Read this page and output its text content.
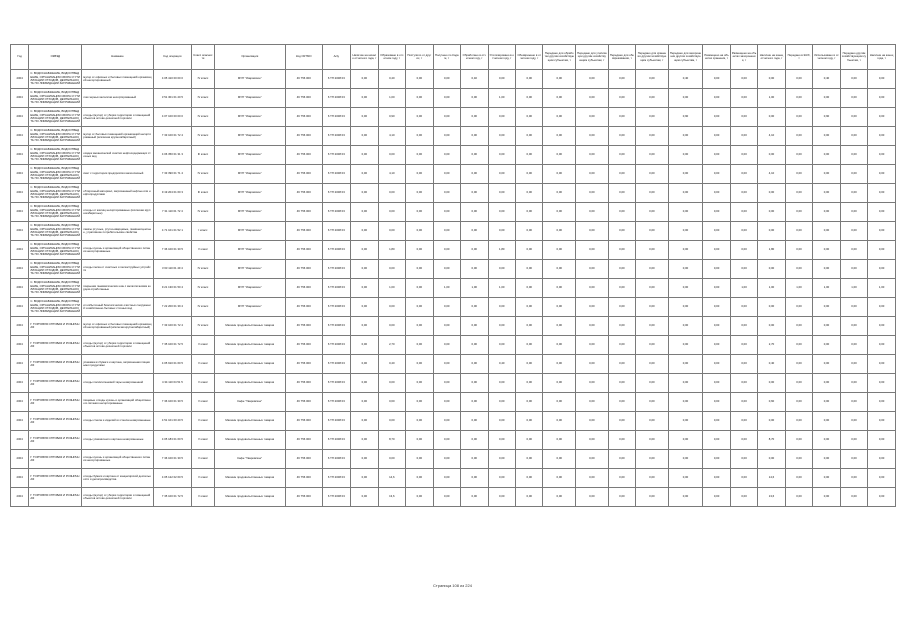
Год	ОКВЭД	Название	Код операции	Класс опасности	Организация	Код ОКТМО	Acty	Наличие на начало отчетного года, т	Образовано в отчетном году, т	Поступило от других, т	Получено по Кодам, т	Обработано в отчетном году, т	Утилизировано в отчетном году, т	Обезврежено в отчетном году, т	Передано для обработки другим хозяйствующим субъектам, т	Передано для утилизации другим хозяйствующим субъектам, т	Передано для обезвреживания, т	Передано для хранения другим хозяйствующим субъектам, т	Передано для захоронения другим хозяйствующим субъектам, т	Размещено на объектах хранения, т	Размещено на объектах захоронения, т	Наличие на конец отчетного года, т	Передано в ЖКХ, т	Использовано в отчетном году, т	Передано другим хозяйствующим субъектам, т	Наличие на конец года, т
2004	С. ВОДОСНАБЖЕНИЕ, ВОДООТВЕДЕНИЕ, ОРГАНИЗАЦИЯ СБОРА И УТИЛИЗАЦИИ ОТХОДОВ, ДЕЯТЕЛЬНОСТЬ ПО ЛИКВИДАЦИИ ЗАГРЯЗНЕНИЙ	мусор от офисных и бытовых помещений организаций несортированный	4 05 410 00 00 0	IV класс	МУП "Уваровское"	46 756 000	6 ТП 2008 03	0,00	0,40	0,00	0,00	0,40	0,00	0,00	0,00	0,00	0,00	0,00	0,40	0,00	0,00	0,00	0,00	0,40	0,00	0,00
2004	С. ВОДОСНАБЖЕНИЕ, ВОДООТВЕДЕНИЕ, ОРГАНИЗАЦИЯ СБОРА И УТИЛИЗАЦИИ ОТХОДОВ, ДЕЯТЕЛЬНОСТЬ ПО ЛИКВИДАЦИИ ЗАГРЯЗНЕНИЙ	лом черных металлов несортированный	3 51 301 01 20 5	IV класс	МУП "Уваровское"	46 756 000	6 ТП 2008 03	0,00	1,00	0,00	0,00	0,00	1,00	0,00	0,00	0,00	0,00	0,00	0,00	0,00	0,00	1,00	0,00	0,00	0,00	0,00
2004	С. ВОДОСНАБЖЕНИЕ, ВОДООТВЕДЕНИЕ, ОРГАНИЗАЦИЯ СБОРА И УТИЛИЗАЦИИ ОТХОДОВ, ДЕЯТЕЛЬНОСТЬ ПО ЛИКВИДАЦИИ ЗАГРЯЗНЕНИЙ	отходы (мусор) от уборки территории и помещений объектов оптово-розничной торговли	4 07 100 00 00 0	IV класс	МУП "Уваровское"	46 756 000	6 ТП 2008 03	0,00	0,90	0,00	0,00	0,00	0,00	0,00	0,00	0,00	0,00	0,00	0,90	0,00	0,00	0,00	0,00	0,90	0,00	0,00
2004	С. ВОДОСНАБЖЕНИЕ, ВОДООТВЕДЕНИЕ, ОРГАНИЗАЦИЯ СБОРА И УТИЛИЗАЦИИ ОТХОДОВ, ДЕЯТЕЛЬНОСТЬ ПО ЛИКВИДАЦИИ ЗАГРЯЗНЕНИЙ	мусор от бытовых помещений организаций несортированный (исключая крупногабаритный)	7 33 100 01 72 4	IV класс	МУП "Уваровское"	46 756 000	6 ТП 2008 03	0,00	4,10	0,00	0,00	0,00	0,00	0,00	0,00	0,00	0,00	0,00	0,00	0,00	0,00	4,10	0,00	0,00	0,00	0,00
2004	С. ВОДОСНАБЖЕНИЕ, ВОДООТВЕДЕНИЕ, ОРГАНИЗАЦИЯ СБОРА И УТИЛИЗАЦИИ ОТХОДОВ, ДЕЯТЕЛЬНОСТЬ ПО ЛИКВИДАЦИИ ЗАГРЯЗНЕНИЙ	осадок механической очистки нефтесодержащих сточных вод	4 06 350 01 31 3	III класс	МУП "Уваровское"	46 756 000	6 ТП 2008 03	0,00	0,00	0,00	0,00	0,00	0,00	0,00	0,00	0,00	0,00	0,00	0,00	0,00	0,00	0,00	0,00	0,00	0,00	0,00
2004	С. ВОДОСНАБЖЕНИЕ, ВОДООТВЕДЕНИЕ, ОРГАНИЗАЦИЯ СБОРА И УТИЛИЗАЦИИ ОТХОДОВ, ДЕЯТЕЛЬНОСТЬ ПО ЛИКВИДАЦИИ ЗАГРЯЗНЕНИЙ	смет с территории предприятия малоопасный	7 33 390 01 71 4	IV класс	МУП "Уваровское"	46 756 000	6 ТП 2008 03	0,00	4,10	0,00	0,00	0,00	0,00	0,00	0,00	0,00	0,00	0,00	0,00	0,00	0,00	4,10	0,00	0,00	0,00	0,00
2004	С. ВОДОСНАБЖЕНИЕ, ВОДООТВЕДЕНИЕ, ОРГАНИЗАЦИЯ СБОРА И УТИЛИЗАЦИИ ОТХОДОВ, ДЕЯТЕЛЬНОСТЬ ПО ЛИКВИДАЦИИ ЗАГРЯЗНЕНИЙ	обтирочный материал, загрязненный нефтью или нефтепродуктами	9 19 204 01 60 3	III класс	МУП "Уваровское"	46 756 000	6 ТП 2008 03	0,00	0,00	0,00	0,00	0,00	0,00	0,00	0,00	0,00	0,00	0,00	0,00	0,00	0,00	0,00	0,00	0,00	0,00	0,00
2004	С. ВОДОСНАБЖЕНИЕ, ВОДООТВЕДЕНИЕ, ОРГАНИЗАЦИЯ СБОРА И УТИЛИЗАЦИИ ОТХОДОВ, ДЕЯТЕЛЬНОСТЬ ПО ЛИКВИДАЦИИ ЗАГРЯЗНЕНИЙ	отходы от жилищ несортированные (исключая крупногабаритные)	7 31 110 01 72 4	IV класс	МУП "Уваровское"	46 756 000	6 ТП 2008 03	0,00	0,00	0,00	0,00	0,00	0,00	0,00	0,00	0,00	0,00	0,00	0,00	0,00	0,00	0,00	0,00	0,00	0,00	0,00
2004	С. ВОДОСНАБЖЕНИЕ, ВОДООТВЕДЕНИЕ, ОРГАНИЗАЦИЯ СБОРА И УТИЛИЗАЦИИ ОТХОДОВ, ДЕЯТЕЛЬНОСТЬ ПО ЛИКВИДАЦИИ ЗАГРЯЗНЕНИЙ	лампы ртутные, ртутно-кварцевые, люминесцентные, утратившие потребительские свойства	4 71 101 01 52 1	I класс	МУП "Уваровское"	46 756 000	6 ТП 2008 03	0,00	0,00	0,00	0,00	0,00	0,00	0,00	0,00	0,00	0,00	0,00	0,00	0,00	0,00	0,00	0,00	0,00	0,00	0,00
2004	С. ВОДОСНАБЖЕНИЕ, ВОДООТВЕДЕНИЕ, ОРГАНИЗАЦИЯ СБОРА И УТИЛИЗАЦИИ ОТХОДОВ, ДЕЯТЕЛЬНОСТЬ ПО ЛИКВИДАЦИИ ЗАГРЯЗНЕНИЙ	отходы кухонь и организаций общественного питания несортированные	7 36 100 01 30 5	V класс	МУП "Уваровское"	46 756 000	6 ТП 2008 03	0,00	1,80	0,00	0,00	0,00	1,80	0,00	0,00	0,00	0,00	0,00	0,00	0,00	0,00	1,80	0,00	0,00	0,00	0,00
2004	С. ВОДОСНАБЖЕНИЕ, ВОДООТВЕДЕНИЕ, ОРГАНИЗАЦИЯ СБОРА И УТИЛИЗАЦИИ ОТХОДОВ, ДЕЯТЕЛЬНОСТЬ ПО ЛИКВИДАЦИИ ЗАГРЯЗНЕНИЙ	отходы песка от очистных и пескоструйных устройств	3 63 110 01 49 4	IV класс	МУП "Уваровское"	46 756 000	6 ТП 2008 03	0,00	0,00	0,00	0,00	0,00	0,00	0,00	0,00	0,00	0,00	0,00	0,00	0,00	0,00	0,00	0,00	0,00	0,00	0,00
2004	С. ВОДОСНАБЖЕНИЕ, ВОДООТВЕДЕНИЕ, ОРГАНИЗАЦИЯ СБОРА И УТИЛИЗАЦИИ ОТХОДОВ, ДЕЯТЕЛЬНОСТЬ ПО ЛИКВИДАЦИИ ЗАГРЯЗНЕНИЙ	покрышки пневматических шин с металлическим кордом отработанные	9 21 130 01 50 4	IV класс	МУП "Уваровское"	46 756 000	6 ТП 2008 03	0,00	1,00	0,00	1,00	1,00	1,00	0,00	0,00	0,00	0,00	0,00	0,00	0,00	1,00	1,00	1,00	1,00	1,00	1,00
2004	С. ВОДОСНАБЖЕНИЕ, ВОДООТВЕДЕНИЕ, ОРГАНИЗАЦИЯ СБОРА И УТИЛИЗАЦИИ ОТХОДОВ, ДЕЯТЕЛЬНОСТЬ ПО ЛИКВИДАЦИИ ЗАГРЯЗНЕНИЙ	ил избыточный биологических очистных сооружений хозяйственно-бытовых сточных вод	7 22 200 01 39 4	IV класс	МУП "Уваровское"	46 756 000	6 ТП 2008 03	0,00	0,00	0,00	0,00	0,00	0,00	0,00	0,00	0,00	0,00	0,00	0,00	0,00	0,00	0,00	0,00	0,00	0,00	0,00
2004	Г. ТОРГОВЛЯ ОПТОВАЯ И РОЗНИЧНАЯ	мусор от офисных и бытовых помещений организаций несортированный (исключая крупногабаритный)	7 33 100 01 72 4	IV класс	Магазин продовольственных товаров	46 756 000	6 ТП 2008 03	0,00	0,00	0,00	0,00	0,00	0,00	0,00	0,00	0,00	0,00	0,00	0,00	0,00	0,00	0,00	0,00	0,00	0,00	0,00
2004	Г. ТОРГОВЛЯ ОПТОВАЯ И РОЗНИЧНАЯ	отходы (мусор) от уборки территории и помещений объектов оптово-розничной торговли	7 35 100 01 72 5	V класс	Магазин продовольственных товаров	46 756 000	6 ТП 2008 03	0,00	2,70	0,00	0,00	0,00	0,00	0,00	0,00	0,00	0,00	0,00	0,00	0,00	0,00	2,70	0,00	0,00	0,00	0,00
2004	Г. ТОРГОВЛЯ ОПТОВАЯ И РОЗНИЧНАЯ	упаковка из бумаги и картона, загрязненная пищевыми продуктами	4 05 910 01 60 5	V класс	Магазин продовольственных товаров	46 756 000	6 ТП 2008 03	0,00	0,40	0,00	0,00	0,00	0,40	0,00	0,00	0,00	0,00	0,00	0,00	0,00	0,00	0,40	0,00	0,00	0,00	0,00
2004	Г. ТОРГОВЛЯ ОПТОВАЯ И РОЗНИЧНАЯ	отходы полиэтиленовой тары незагрязненной	4 34 110 04 51 5	V класс	Магазин продовольственных товаров	46 756 000	6 ТП 2008 03	0,00	0,00	0,00	0,00	0,00	0,00	0,00	0,00	0,00	0,00	0,00	0,00	0,00	0,00	0,00	0,00	0,00	0,00	0,00
2004	Г. ТОРГОВЛЯ ОПТОВАЯ И РОЗНИЧНАЯ	пищевые отходы кухонь и организаций общественного питания несортированные	7 36 100 01 30 5	V класс	Кафе "Уваровское"	46 756 000	6 ТП 2008 03	0,00	0,60	0,00	0,00	0,00	0,00	0,00	0,00	0,00	0,00	0,00	0,00	0,00	0,00	0,60	0,00	0,00	0,00	0,00
2004	Г. ТОРГОВЛЯ ОПТОВАЯ И РОЗНИЧНАЯ	отходы стекла и изделий из стекла незагрязненные	4 51 101 00 20 5	V класс	Магазин продовольственных товаров	46 756 000	6 ТП 2008 03	0,00	0,00	0,00	0,00	0,00	0,00	0,00	0,00	0,00	0,00	0,00	0,00	0,00	0,00	0,00	0,00	0,00	0,00	0,00
2004	Г. ТОРГОВЛЯ ОПТОВАЯ И РОЗНИЧНАЯ	отходы упаковочного картона незагрязненные	4 05 183 01 60 5	V класс	Магазин продовольственных товаров	46 756 000	6 ТП 2008 03	0,00	8,70	0,00	0,00	0,00	0,00	0,00	0,00	0,00	0,00	0,00	0,00	0,00	0,00	8,70	0,00	0,00	0,00	0,00
2004	Г. ТОРГОВЛЯ ОПТОВАЯ И РОЗНИЧНАЯ	отходы кухонь и организаций общественного питания несортированные	7 36 100 01 30 5	V класс	Кафе "Уваровское"	46 756 000	6 ТП 2008 03	0,00	0,00	0,00	0,00	0,00	0,00	0,00	0,00	0,00	0,00	0,00	0,00	0,00	0,00	0,00	0,00	0,00	0,00	0,00
2004	Г. ТОРГОВЛЯ ОПТОВАЯ И РОЗНИЧНАЯ	отходы бумаги и картона от канцелярской деятельности и делопроизводства	4 05 122 02 60 5	V класс	Магазин продовольственных товаров	46 756 000	6 ТП 2008 03	0,00	14,6	0,00	0,00	0,00	0,00	0,00	0,00	0,00	0,00	0,00	0,00	0,00	0,00	14,6	0,00	0,00	0,00	0,00
2004	Г. ТОРГОВЛЯ ОПТОВАЯ И РОЗНИЧНАЯ	отходы (мусор) от уборки территории и помещений объектов оптово-розничной торговли	7 35 100 01 72 5	V класс	Магазин продовольственных товаров	46 756 000	6 ТП 2008 03	0,00	13,6	0,00	0,00	0,00	0,00	0,00	0,00	0,00	0,00	0,00	0,00	0,00	0,00	13,6	0,00	0,00	0,00	0,00
Страница 108 из 224
